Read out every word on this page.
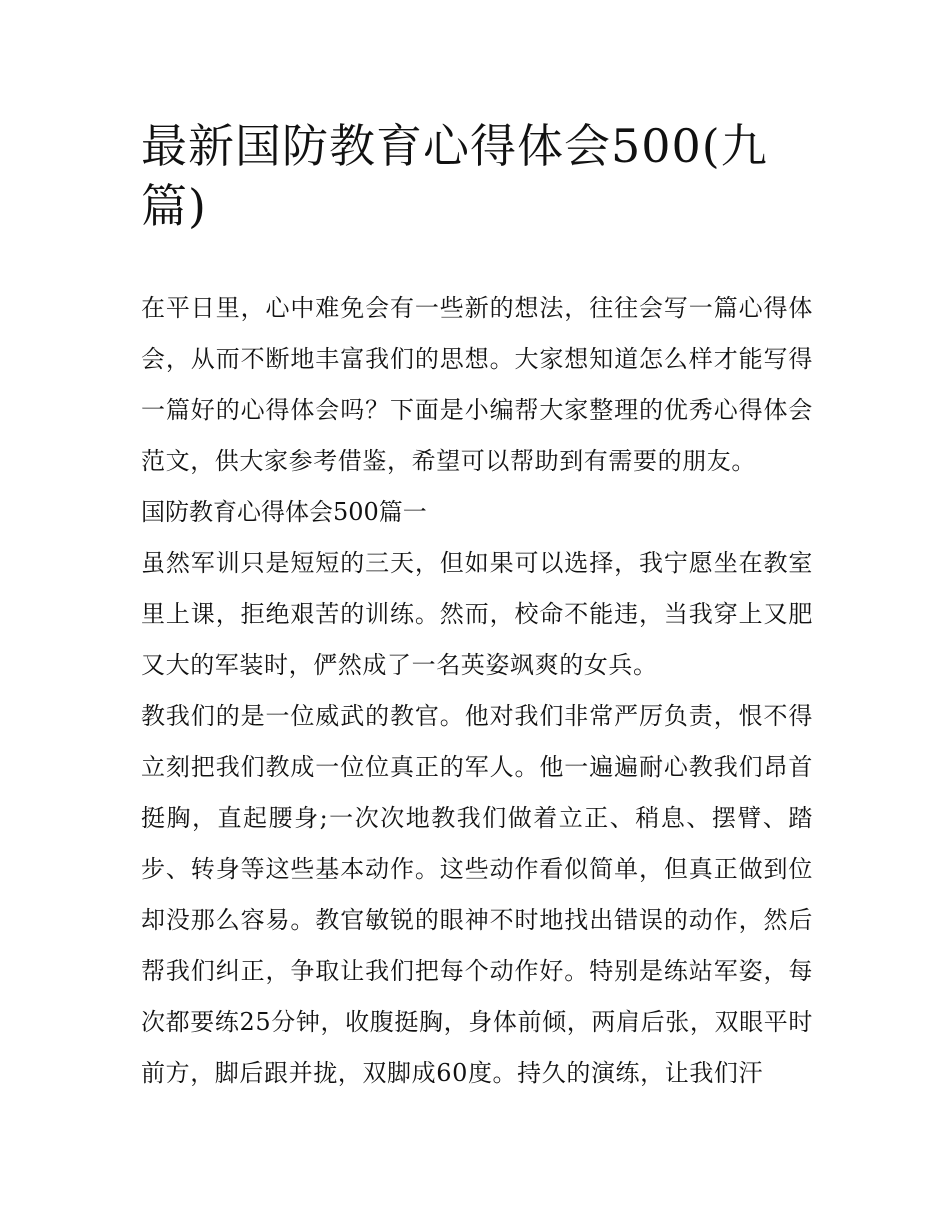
最新国防教育心得体会500(九篇)

在平日里，心中难免会有一些新的想法，往往会写一篇心得体会，从而不断地丰富我们的思想。大家想知道怎么样才能写得一篇好的心得体会吗？下面是小编帮大家整理的优秀心得体会范文，供大家参考借鉴，希望可以帮助到有需要的朋友。

国防教育心得体会500篇一

虽然军训只是短短的三天，但如果可以选择，我宁愿坐在教室里上课，拒绝艰苦的训练。然而，校命不能违，当我穿上又肥又大的军装时，俨然成了一名英姿飒爽的女兵。

教我们的是一位威武的教官。他对我们非常严厉负责，恨不得立刻把我们教成一位位真正的军人。他一遍遍耐心教我们昂首挺胸，直起腰身;一次次地教我们做着立正、稍息、摆臂、踏步、转身等这些基本动作。这些动作看似简单，但真正做到位却没那么容易。教官敏锐的眼神不时地找出错误的动作，然后帮我们纠正，争取让我们把每个动作好。特别是练站军姿，每次都要练25分钟，收腹挺胸，身体前倾，两肩后张，双眼平时前方，脚后跟并拢，双脚成60度。持久的演练，让我们汗
